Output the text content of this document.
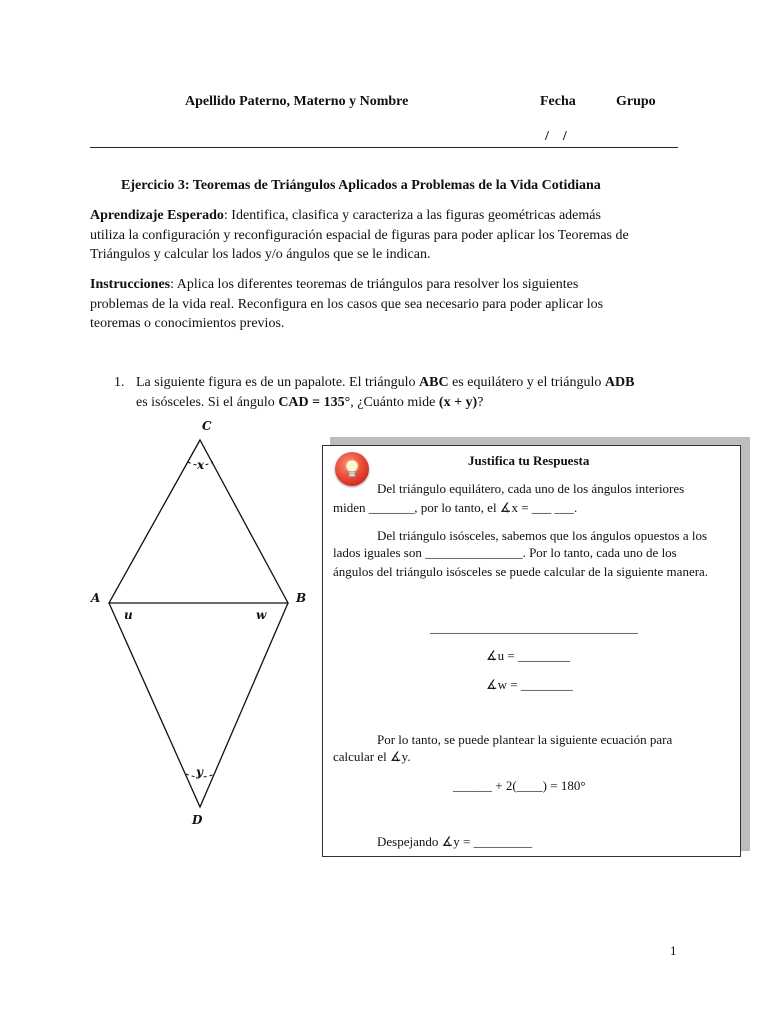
Apellido Paterno, Materno y Nombre	Fecha	Grupo
/    /
Ejercicio 3: Teoremas de Triángulos Aplicados a Problemas de la Vida Cotidiana
Aprendizaje Esperado: Identifica, clasifica y caracteriza a las figuras geométricas además
utiliza la configuración y reconfiguración espacial de figuras para poder aplicar los Teoremas de
Triángulos y calcular los lados y/o ángulos que se le indican.
Instrucciones: Aplica los diferentes teoremas de triángulos para resolver los siguientes
problemas de la vida real. Reconfigura en los casos que sea necesario para poder aplicar los
teoremas o conocimientos previos.
1. La siguiente figura es de un papalote. El triángulo ABC es equilátero y el triángulo ADB
es isósceles. Si el ángulo CAD = 135°, ¿Cuánto mide (x + y)?
C
A	B
D
x
y
u	w
Justifica tu Respuesta
Del triángulo equilátero, cada uno de los ángulos interiores
miden _______, por lo tanto, el ∡x = ___ ___.
Del triángulo isósceles, sabemos que los ángulos opuestos a los
lados iguales son _______________. Por lo tanto, cada uno de los
ángulos del triángulo isósceles se puede calcular de la siguiente manera.
________________________________
∡u = ________
∡w = ________
Por lo tanto, se puede plantear la siguiente ecuación para
calcular el ∡y.
______ + 2(____) = 180°
Despejando ∡y = _________
1
